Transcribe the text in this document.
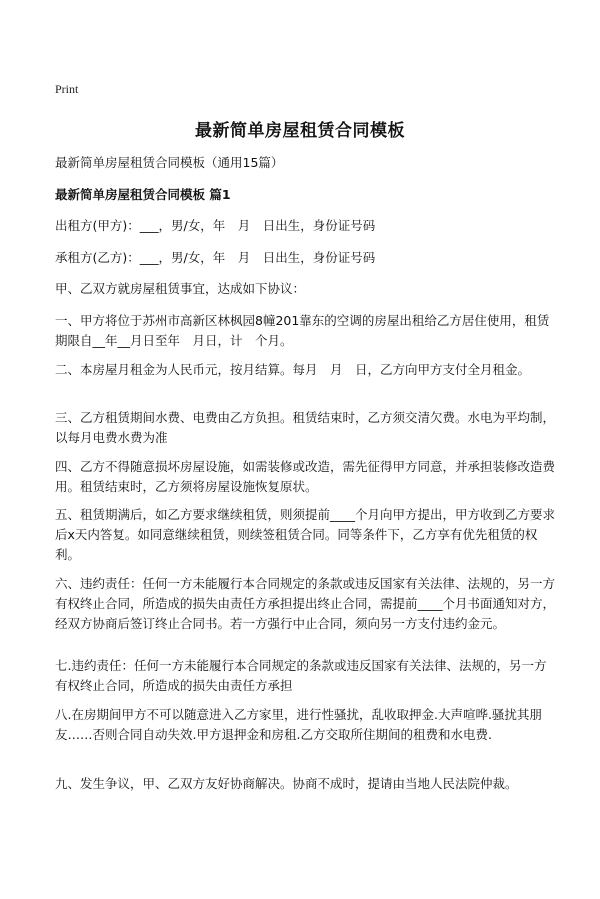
Print
最新简单房屋租赁合同模板
最新简单房屋租赁合同模板（通用15篇）
最新简单房屋租赁合同模板 篇1
出租方(甲方)：___，男/女，年　月　日出生，身份证号码
承租方(乙方)：___，男/女，年　月　日出生，身份证号码
甲、乙双方就房屋租赁事宜，达成如下协议：
一、甲方将位于苏州市高新区林枫园8幢201靠东的空调的房屋出租给乙方居住使用，租赁期限自__年__月日至年　月日，计　个月。
二、本房屋月租金为人民币元，按月结算。每月　月　日，乙方向甲方支付全月租金。
三、乙方租赁期间水费、电费由乙方负担。租赁结束时，乙方须交清欠费。水电为平均制，以每月电费水费为准
四、乙方不得随意损坏房屋设施，如需装修或改造，需先征得甲方同意，并承担装修改造费用。租赁结束时，乙方须将房屋设施恢复原状。
五、租赁期满后，如乙方要求继续租赁，则须提前____个月向甲方提出，甲方收到乙方要求后x天内答复。如同意继续租赁，则续签租赁合同。同等条件下，乙方享有优先租赁的权利。
六、违约责任：任何一方未能履行本合同规定的条款或违反国家有关法律、法规的，另一方有权终止合同，所造成的损失由责任方承担提出终止合同，需提前____个月书面通知对方，经双方协商后签订终止合同书。若一方强行中止合同，须向另一方支付违约金元。
七.违约责任：任何一方未能履行本合同规定的条款或违反国家有关法律、法规的，另一方有权终止合同，所造成的损失由责任方承担
八.在房期间甲方不可以随意进入乙方家里，进行性骚扰，乱收取押金.大声喧哗.骚扰其朋友……否则合同自动失效.甲方退押金和房租.乙方交取所住期间的租费和水电费.
九、发生争议，甲、乙双方友好协商解决。协商不成时，提请由当地人民法院仲裁。
